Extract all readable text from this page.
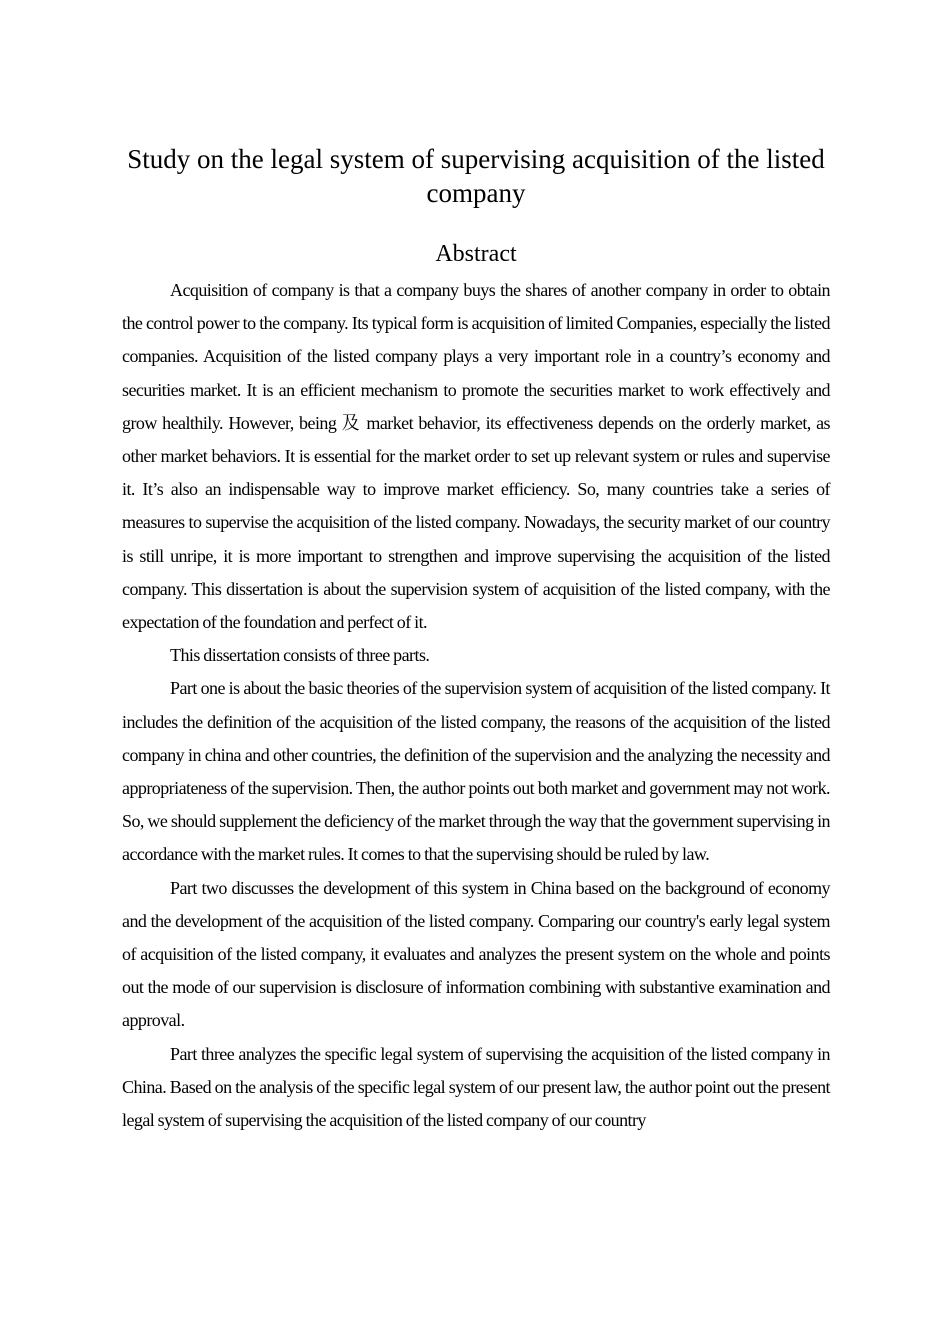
Study on the legal system of supervising acquisition of the listed company
Abstract

Acquisition of company is that a company buys the shares of another company in order to obtain the control power to the company. Its typical form is acquisition of limited Companies, especially the listed companies. Acquisition of the listed company plays a very important role in a country’s economy and securities market. It is an efficient mechanism to promote the securities market to work effectively and grow healthily. However, being 及 market behavior, its effectiveness depends on the orderly market, as other market behaviors. It is essential for the market order to set up relevant system or rules and supervise it. It’s also an indispensable way to improve market efficiency. So, many countries take a series of measures to supervise the acquisition of the listed company. Nowadays, the security market of our country is still unripe, it is more important to strengthen and improve supervising the acquisition of the listed company. This dissertation is about the supervision system of acquisition of the listed company, with the expectation of the foundation and perfect of it.

This dissertation consists of three parts.

Part one is about the basic theories of the supervision system of acquisition of the listed company. It includes the definition of the acquisition of the listed company, the reasons of the acquisition of the listed company in china and other countries, the definition of the supervision and the analyzing the necessity and appropriateness of the supervision. Then, the author points out both market and government may not work. So, we should supplement the deficiency of the market through the way that the government supervising in accordance with the market rules. It comes to that the supervising should be ruled by law.

Part two discusses the development of this system in China based on the background of economy and the development of the acquisition of the listed company. Comparing our country's early legal system of acquisition of the listed company, it evaluates and analyzes the present system on the whole and points out the mode of our supervision is disclosure of information combining with substantive examination and approval.

Part three analyzes the specific legal system of supervising the acquisition of the listed company in China. Based on the analysis of the specific legal system of our present law, the author point out the present legal system of supervising the acquisition of the listed company of our country
